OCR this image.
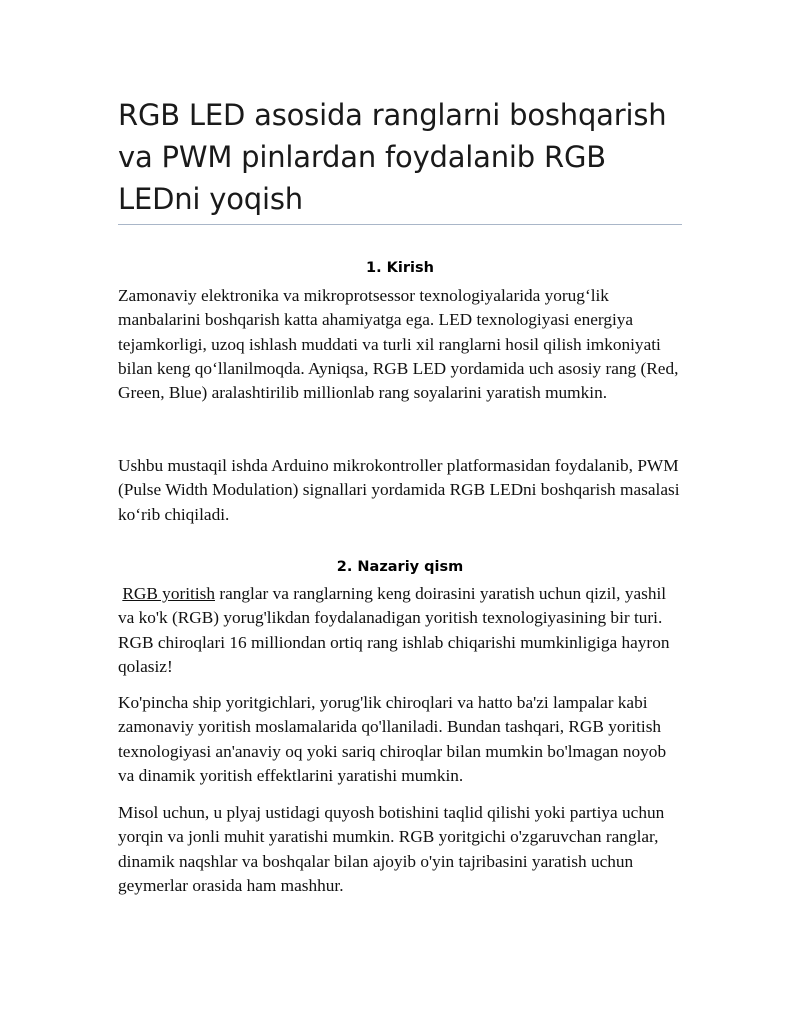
RGB LED asosida ranglarni boshqarish va PWM pinlardan foydalanib RGB LEDni yoqish
1. Kirish

Zamonaviy elektronika va mikroprotsessor texnologiyalarida yorug‘lik manbalarini boshqarish katta ahamiyatga ega. LED texnologiyasi energiya tejamkorligi, uzoq ishlash muddati va turli xil ranglarni hosil qilish imkoniyati bilan keng qo‘llanilmoqda. Ayniqsa, RGB LED yordamida uch asosiy rang (Red, Green, Blue) aralashtirilib millionlab rang soyalarini yaratish mumkin.

Ushbu mustaqil ishda Arduino mikrokontroller platformasidan foydalanib, PWM (Pulse Width Modulation) signallari yordamida RGB LEDni boshqarish masalasi ko‘rib chiqiladi.

2. Nazariy qism

RGB yoritish ranglar va ranglarning keng doirasini yaratish uchun qizil, yashil va ko'k (RGB) yorug'likdan foydalanadigan yoritish texnologiyasining bir turi. RGB chiroqlari 16 milliondan ortiq rang ishlab chiqarishi mumkinligiga hayron qolasiz!

Ko'pincha ship yoritgichlari, yorug'lik chiroqlari va hatto ba'zi lampalar kabi zamonaviy yoritish moslamalarida qo'llaniladi. Bundan tashqari, RGB yoritish texnologiyasi an'anaviy oq yoki sariq chiroqlar bilan mumkin bo'lmagan noyob va dinamik yoritish effektlarini yaratishi mumkin.

Misol uchun, u plyaj ustidagi quyosh botishini taqlid qilishi yoki partiya uchun yorqin va jonli muhit yaratishi mumkin. RGB yoritgichi o'zgaruvchan ranglar, dinamik naqshlar va boshqalar bilan ajoyib o'yin tajribasini yaratish uchun geymerlar orasida ham mashhur.
